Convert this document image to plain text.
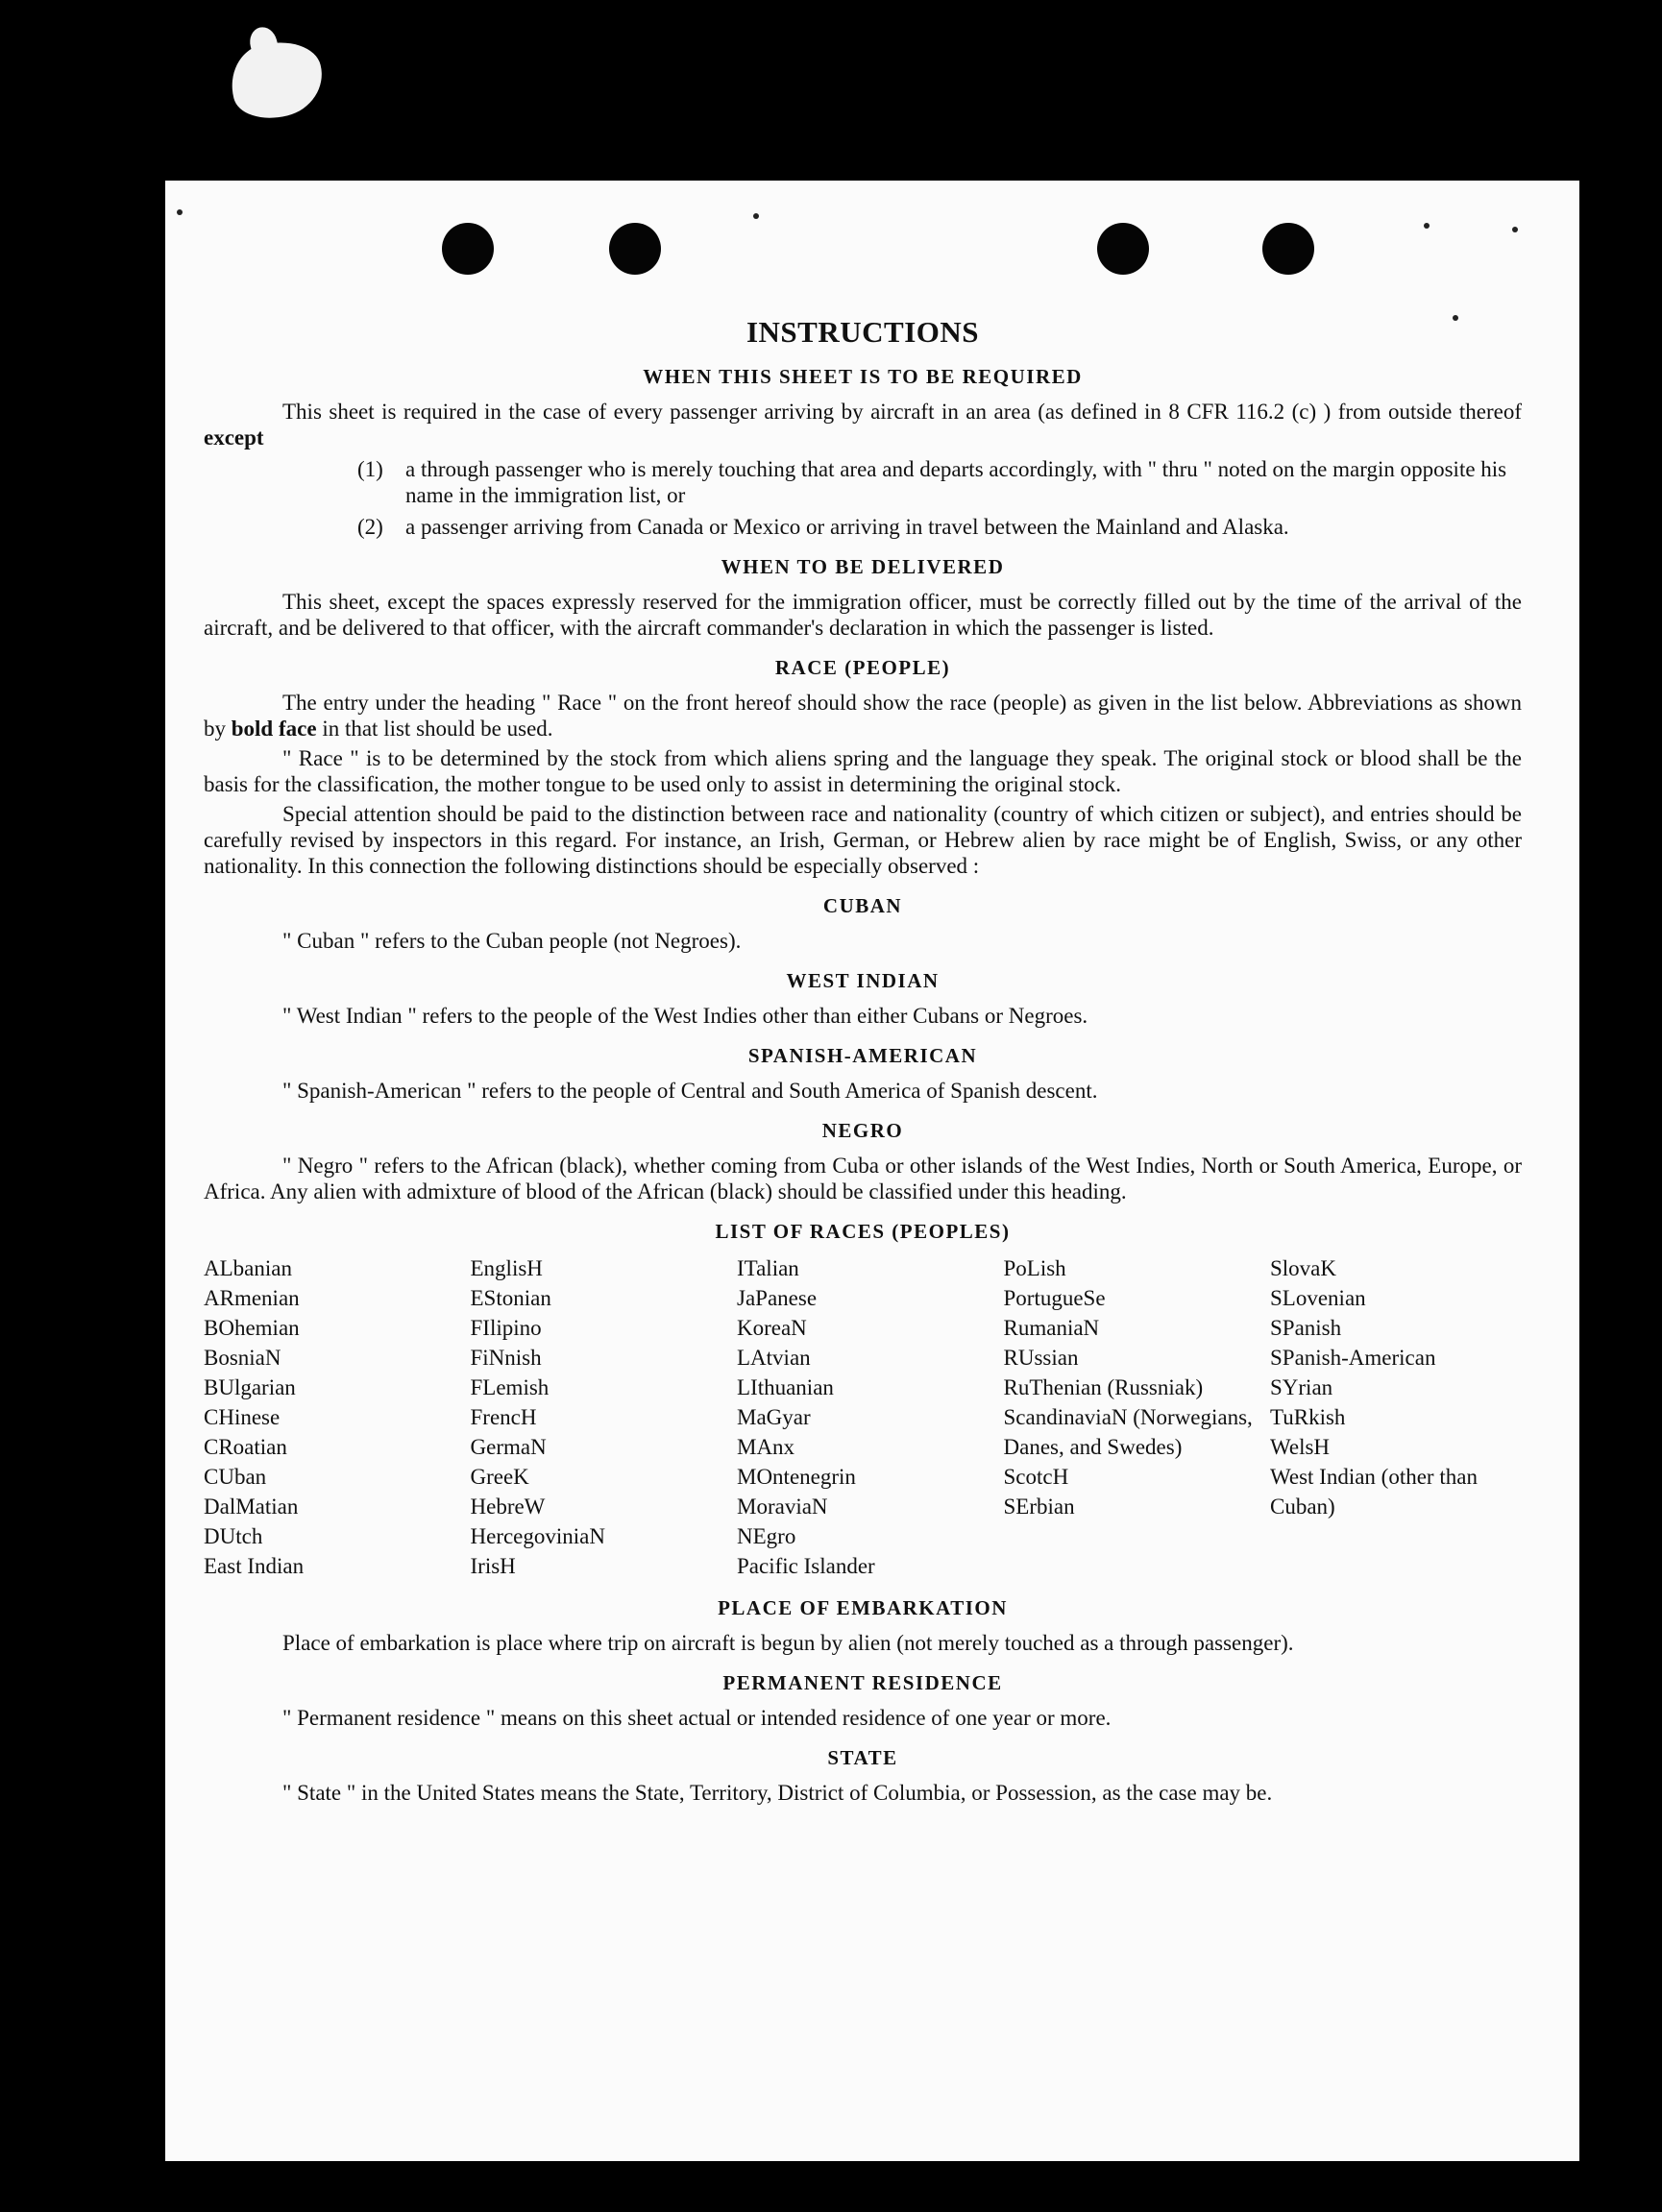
INSTRUCTIONS
WHEN THIS SHEET IS TO BE REQUIRED

This sheet is required in the case of every passenger arriving by aircraft in an area (as defined in 8 CFR 116.2 (c) ) from outside thereof except

(1)	a through passenger who is merely touching that area and departs accordingly, with " thru " noted on the margin opposite his name in the immigration list, or
(2)	a passenger arriving from Canada or Mexico or arriving in travel between the Mainland and Alaska.
WHEN TO BE DELIVERED

This sheet, except the spaces expressly reserved for the immigration officer, must be correctly filled out by the time of the arrival of the aircraft, and be delivered to that officer, with the aircraft commander's declaration in which the passenger is listed.

RACE (PEOPLE)

The entry under the heading " Race " on the front hereof should show the race (people) as given in the list below. Abbreviations as shown by bold face in that list should be used.

" Race " is to be determined by the stock from which aliens spring and the language they speak. The original stock or blood shall be the basis for the classification, the mother tongue to be used only to assist in determining the original stock.

Special attention should be paid to the distinction between race and nationality (country of which citizen or subject), and entries should be carefully revised by inspectors in this regard. For instance, an Irish, German, or Hebrew alien by race might be of English, Swiss, or any other nationality. In this connection the following distinctions should be especially observed :

CUBAN

" Cuban " refers to the Cuban people (not Negroes).

WEST INDIAN

" West Indian " refers to the people of the West Indies other than either Cubans or Negroes.

SPANISH-AMERICAN

" Spanish-American " refers to the people of Central and South America of Spanish descent.

NEGRO

" Negro " refers to the African (black), whether coming from Cuba or other islands of the West Indies, North or South America, Europe, or Africa. Any alien with admixture of blood of the African (black) should be classified under this heading.

LIST OF RACES (PEOPLES)
ALbanian
ARmenian
BOhemian
BosniaN
BUlgarian
CHinese
CRoatian
CUban
DalMatian
DUtch
East Indian
EnglisH
EStonian
FIlipino
FiNnish
FLemish
FrencH
GermaN
GreeK
HebreW
HercegoviniaN
IrisH
ITalian
JaPanese
KoreaN
LAtvian
LIthuanian
MaGyar
MAnx
MOntenegrin
MoraviaN
NEgro
Pacific Islander
PoLish
PortugueSe
RumaniaN
RUssian
RuThenian (Russniak)
ScandinaviaN (Norwegians, Danes, and Swedes)
ScotcH
SErbian
SlovaK
SLovenian
SPanish
SPanish-American
SYrian
TuRkish
WelsH
West Indian (other than Cuban)
PLACE OF EMBARKATION

Place of embarkation is place where trip on aircraft is begun by alien (not merely touched as a through passenger).

PERMANENT RESIDENCE

" Permanent residence " means on this sheet actual or intended residence of one year or more.

STATE

" State " in the United States means the State, Territory, District of Columbia, or Possession, as the case may be.
